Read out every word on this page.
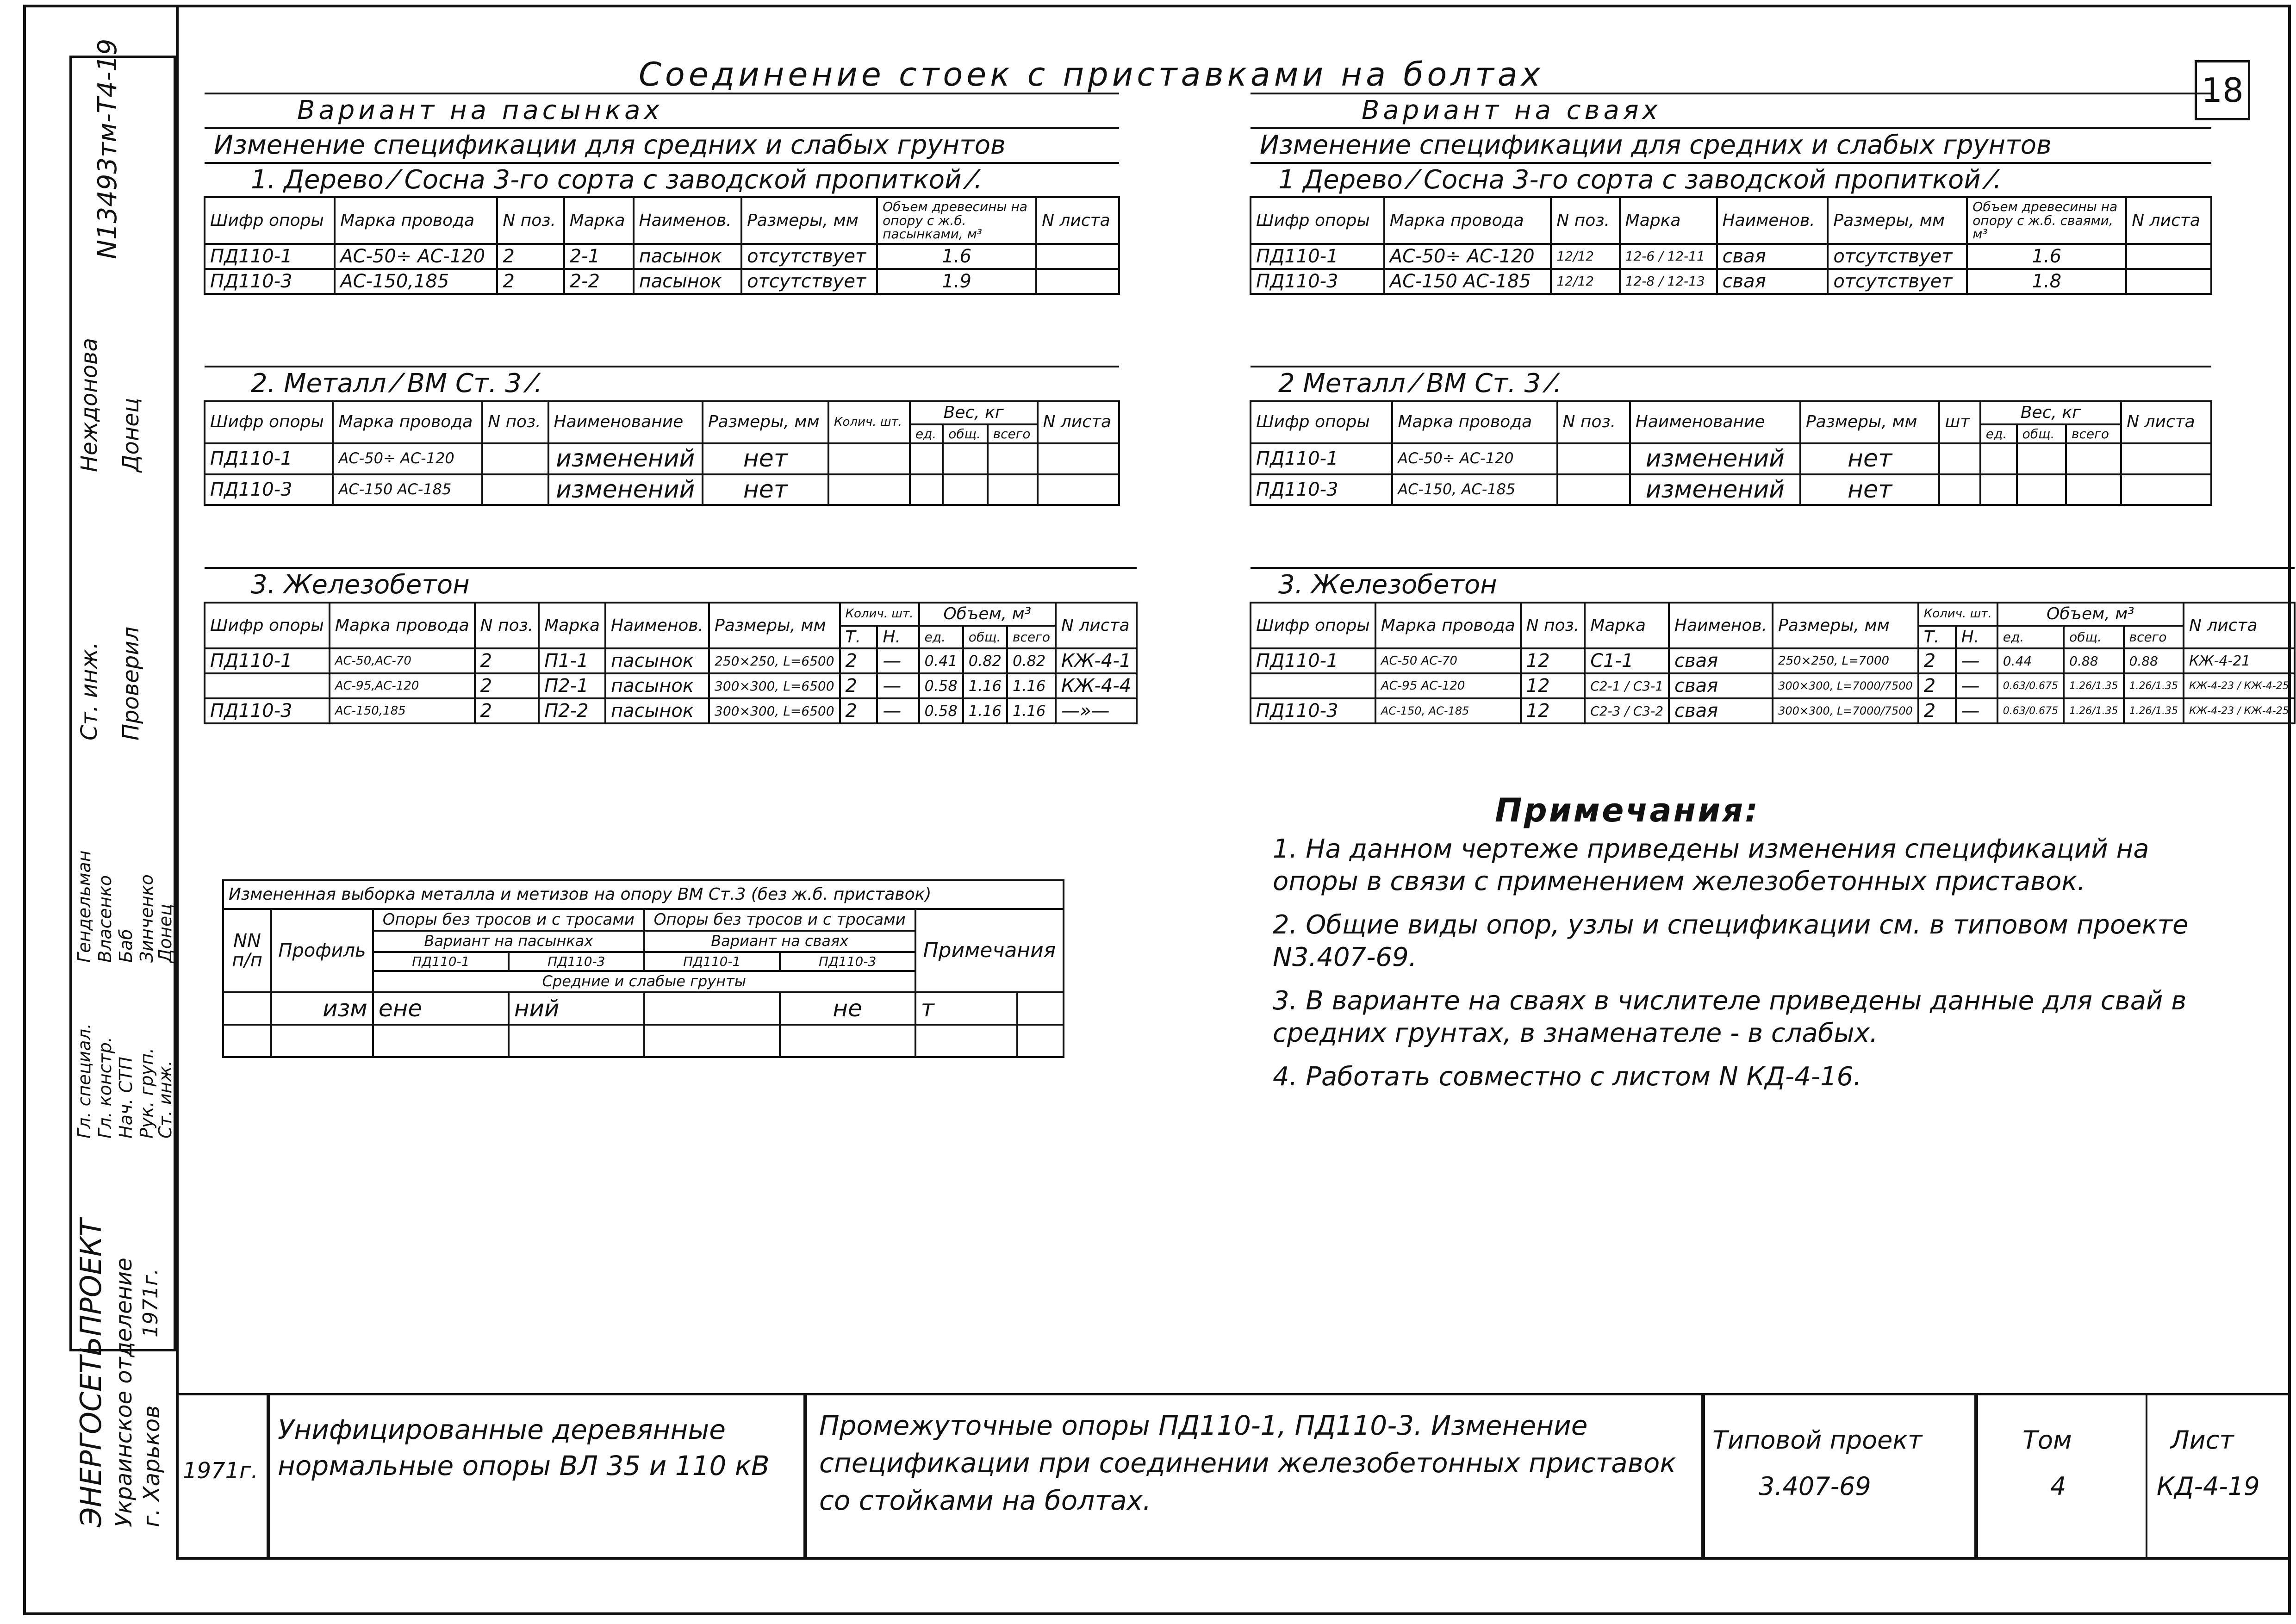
Соединение стоек с приставками на болтах	18
Вариант на пасынках							
Изменение спецификации для средних и слабых грунтов							
1. Дерево ⁄ Сосна 3-го сорта с заводской пропиткой ⁄.							
Шифр опоры	Марка провода	N поз.	Марка	Наименов.	Размеры, мм	Объем древесины на опору с ж.б. пасынками, м³	N листа
ПД110-1	АС-50÷ АС-120	2	2-1	пасынок	отсутствует	1.6	
ПД110-3	АС-150,185	2	2-2	пасынок	отсутствует	1.9	
2. Металл ⁄ ВМ Ст. 3 ⁄.									
Шифр опоры	Марка провода	N поз.	Наименование	Размеры, мм	Колич. шт.	Вес, кг			N листа
						ед.	общ.	всего	
ПД110-1	АС-50÷ АС-120		изменений	нет					
ПД110-3	АС-150 АС-185		изменений	нет					
3. Железобетон											
Шифр опоры	Марка провода	N поз.	Марка	Наименов.	Размеры, мм	Колич. шт.		Объем, м³			N листа
						Т.	Н.	ед.	общ.	всего	
ПД110-1	АС-50,АС-70	2	П1-1	пасынок	250×250, L=6500	2	—	0.41	0.82	0.82	КЖ-4-1
	АС-95,АС-120	2	П2-1	пасынок	300×300, L=6500	2	—	0.58	1.16	1.16	КЖ-4-4
ПД110-3	АС-150,185	2	П2-2	пасынок	300×300, L=6500	2	—	0.58	1.16	1.16	—»—
Вариант на сваях							
Изменение спецификации для средних и слабых грунтов							
1 Дерево ⁄ Сосна 3-го сорта с заводской пропиткой ⁄.							
Шифр опоры	Марка провода	N поз.	Марка	Наименов.	Размеры, мм	Объем древесины на опору с ж.б. сваями, м³	N листа
ПД110-1	АС-50÷ АС-120	12/12	12-6 / 12-11	свая	отсутствует	1.6	
ПД110-3	АС-150 АС-185	12/12	12-8 / 12-13	свая	отсутствует	1.8	
2 Металл ⁄ ВМ Ст. 3 ⁄.									
Шифр опоры	Марка провода	N поз.	Наименование	Размеры, мм	шт	Вес, кг			N листа
						ед.	общ.	всего	
ПД110-1	АС-50÷ АС-120		изменений	нет					
ПД110-3	АС-150, АС-185		изменений	нет					
3. Железобетон											
Шифр опоры	Марка провода	N поз.	Марка	Наименов.	Размеры, мм	Колич. шт.		Объем, м³			N листа
						Т.	Н.	ед.	общ.	всего	
ПД110-1	АС-50 АС-70	12	С1-1	свая	250×250, L=7000	2	—	0.44	0.88	0.88	КЖ-4-21
	АС-95 АС-120	12	С2-1 / С3-1	свая	300×300, L=7000/7500	2	—	0.63/0.675	1.26/1.35	1.26/1.35	КЖ-4-23 / КЖ-4-25
ПД110-3	АС-150, АС-185	12	С2-3 / С3-2	свая	300×300, L=7000/7500	2	—	0.63/0.675	1.26/1.35	1.26/1.35	КЖ-4-23 / КЖ-4-25
Примечания:

1. На данном чертеже приведены изменения спецификаций на опоры в связи с применением железобетонных приставок.

2. Общие виды опор, узлы и спецификации см. в типовом проекте N3.407-69.

3. В варианте на сваях в числителе приведены данные для свай в средних грунтах, в знаменателе - в слабых.

4. Работать совместно с листом N КД-4-16.

Измененная выборка металла и метизов на опору ВМ Ст.3 (без ж.б. приставок)							
NN п/п	Профиль	Опоры без тросов и с тросами		Опоры без тросов и с тросами		Примечания	
		Вариант на пасынках		Вариант на сваях			
		ПД110-1	ПД110-3	ПД110-1	ПД110-3		
		Средние и слабые грунты					
	изм	ене	ний		не	т	

N13493тм-Т4-19
Неждонова Донец
Ст. инж. Проверил
Гл. специал. Гл. констр. Нач. СТП Рук. груп.
Ст. инж.
Гендельман Власенко Баб Зинченко
Донец
ЭНЕРГОСЕТЬПРОЕКТ Украинское отделение 1971г.
г. Харьков 1971г.
Унифицированные деревянные нормальные опоры ВЛ 35 и 110 кВ
Промежуточные опоры ПД110-1, ПД110-3. Изменение спецификации при соединении железобетонных приставок со стойками на болтах.
Типовой проект
3.407-69
Том
4
Лист
КД-4-19
